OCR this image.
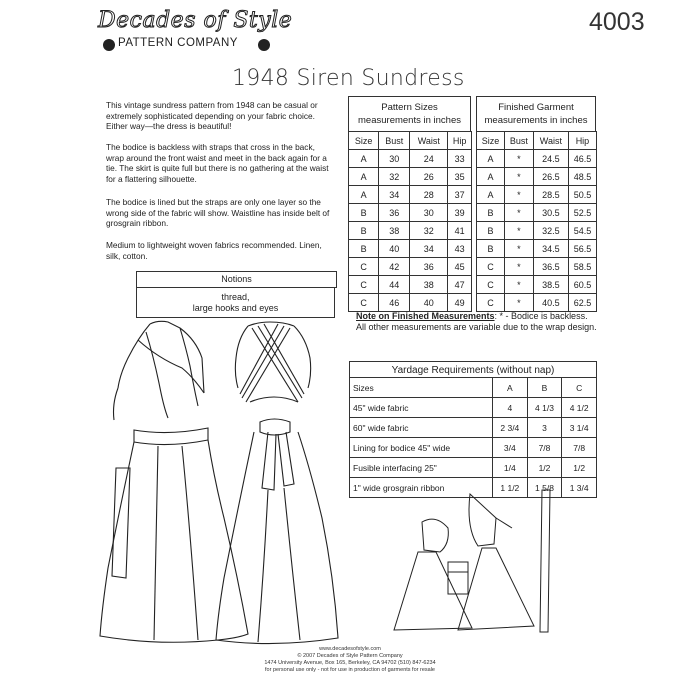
Decades of Style
PATTERN COMPANY
4003
1948 Siren Sundress
This vintage sundress pattern from 1948 can be casual or extremely sophisticated depending on your fabric choice. Either way—the dress is beautiful!
The bodice is backless with straps that cross in the back, wrap around the front waist and meet in the back again for a tie. The skirt is quite full but there is no gathering at the waist for a flattering silhouette.
The bodice is lined but the straps are only one layer so the wrong side of the fabric will show. Waistline has inside belt of grosgrain ribbon.
Medium to lightweight woven fabrics recommended. Linen, silk, cotton.
Notions
thread,
large hooks and eyes
Pattern Sizes measurements in inches
Size	Bust	Waist	Hip
A	30	24	33
A	32	26	35
A	34	28	37
B	36	30	39
B	38	32	41
B	40	34	43
C	42	36	45
C	44	38	47
C	46	40	49
Finished Garment measurements in inches
Size	Bust	Waist	Hip
A	*	24.5	46.5
A	*	26.5	48.5
A	*	28.5	50.5
B	*	30.5	52.5
B	*	32.5	54.5
B	*	34.5	56.5
C	*	36.5	58.5
C	*	38.5	60.5
C	*	40.5	62.5
Note on Finished Measurements: * - Bodice is backless. All other measurements are variable due to the wrap design.
Yardage Requirements (without nap)
Sizes	A	B	C
45" wide fabric	4	4 1/3	4 1/2
60" wide fabric	2 3/4	3	3 1/4
Lining for bodice 45" wide	3/4	7/8	7/8
Fusible interfacing 25"	1/4	1/2	1/2
1" wide grosgrain ribbon	1 1/2	1 5/8	1 3/4
www.decadesofstyle.com
© 2007 Decades of Style Pattern Company
1474 University Avenue, Box 165, Berkeley, CA 94702 (510) 847-6234
for personal use only - not for use in production of garments for resale
